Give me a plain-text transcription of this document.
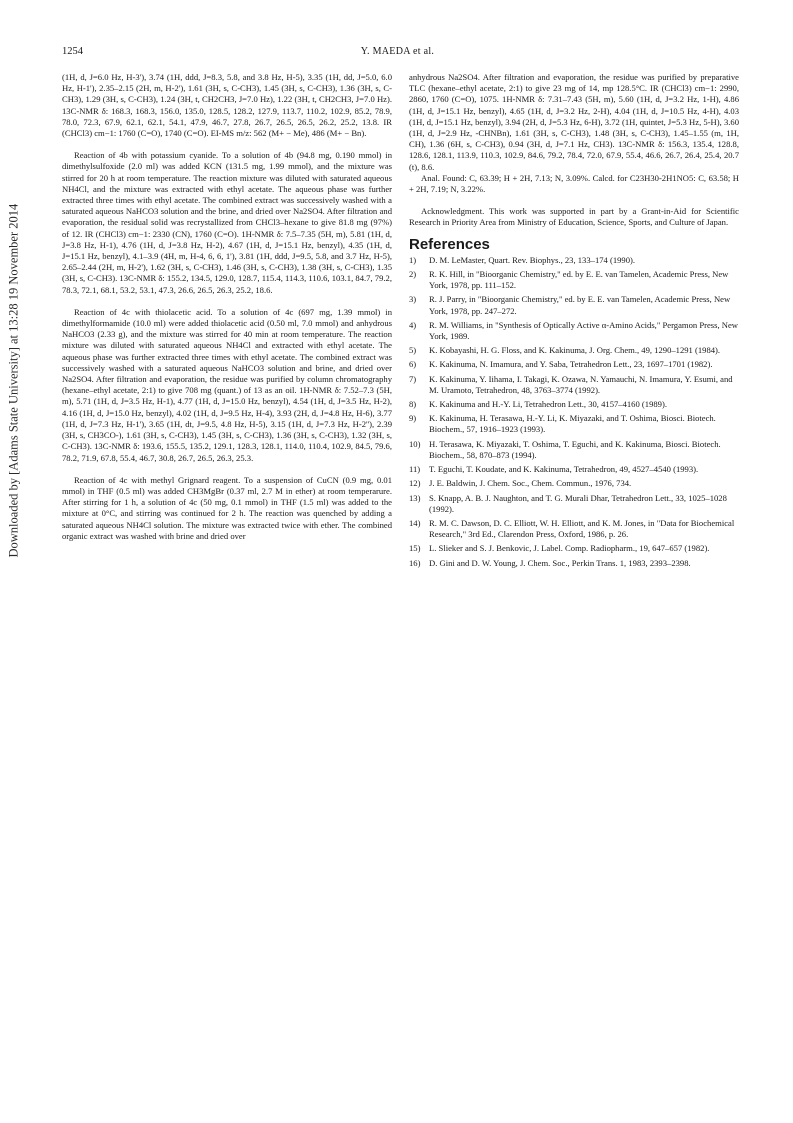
Downloaded by [Adams State University] at 13:28 19 November 2014
1254	Y. MAEDA et al.

(1H, d, J=6.0 Hz, H-3'), 3.74 (1H, ddd, J=8.3, 5.8, and 3.8 Hz, H-5), 3.35 (1H, dd, J=5.0, 6.0 Hz, H-1'), 2.35–2.15 (2H, m, H-2'), 1.61 (3H, s, C-CH3), 1.45 (3H, s, C-CH3), 1.36 (3H, s, C-CH3), 1.29 (3H, s, C-CH3), 1.24 (3H, t, CH2CH3, J=7.0 Hz), 1.22 (3H, t, CH2CH3, J=7.0 Hz). 13C-NMR δ: 168.3, 168.3, 156.0, 135.0, 128.5, 128.2, 127.9, 113.7, 110.2, 102.9, 85.2, 78.9, 78.0, 72.3, 67.9, 62.1, 62.1, 54.1, 47.9, 46.7, 27.8, 26.7, 26.5, 26.5, 26.2, 25.2, 13.8. IR (CHCl3) cm−1: 1760 (C=O), 1740 (C=O). EI-MS m/z: 562 (M+ − Me), 486 (M+ − Bn).

Reaction of 4b with potassium cyanide. To a solution of 4b (94.8 mg, 0.190 mmol) in dimethylsulfoxide (2.0 ml) was added KCN (131.5 mg, 1.99 mmol), and the mixture was stirred for 20 h at room temperature. The reaction mixture was diluted with saturated aqueous NH4Cl, and the mixture was extracted with ethyl acetate. The aqueous phase was further extracted three times with ethyl acetate. The combined extract was successively washed with a saturated aqueous NaHCO3 solution and the brine, and dried over Na2SO4. After filtration and evaporation, the residual solid was recrystallized from CHCl3–hexane to give 81.8 mg (97%) of 12. IR (CHCl3) cm−1: 2330 (CN), 1760 (C=O). 1H-NMR δ: 7.5–7.35 (5H, m), 5.81 (1H, d, J=3.8 Hz, H-1), 4.76 (1H, d, J=3.8 Hz, H-2), 4.67 (1H, d, J=15.1 Hz, benzyl), 4.35 (1H, d, J=15.1 Hz, benzyl), 4.1–3.9 (4H, m, H-4, 6, 6, 1'), 3.81 (1H, ddd, J=9.5, 5.8, and 3.7 Hz, H-5), 2.65–2.44 (2H, m, H-2'), 1.62 (3H, s, C-CH3), 1.46 (3H, s, C-CH3), 1.38 (3H, s, C-CH3), 1.35 (3H, s, C-CH3). 13C-NMR δ: 155.2, 134.5, 129.0, 128.7, 115.4, 114.3, 110.6, 103.1, 84.7, 79.2, 78.3, 72.1, 68.1, 53.2, 53.1, 47.3, 26.6, 26.5, 26.3, 25.2, 18.6.

Reaction of 4c with thiolacetic acid. To a solution of 4c (697 mg, 1.39 mmol) in dimethylformamide (10.0 ml) were added thiolacetic acid (0.50 ml, 7.0 mmol) and anhydrous NaHCO3 (2.33 g), and the mixture was stirred for 40 min at room temperature. The reaction mixture was diluted with saturated aqueous NH4Cl and extracted with ethyl acetate. The aqueous phase was further extracted three times with ethyl acetate. The combined extract was successively washed with a saturated aqueous NaHCO3 solution and brine, and dried over Na2SO4. After filtration and evaporation, the residue was purified by column chromatography (hexane–ethyl acetate, 2:1) to give 708 mg (quant.) of 13 as an oil. 1H-NMR δ: 7.52–7.3 (5H, m), 5.71 (1H, d, J=3.5 Hz, H-1), 4.77 (1H, d, J=15.0 Hz, benzyl), 4.54 (1H, d, J=3.5 Hz, H-2), 4.16 (1H, d, J=15.0 Hz, benzyl), 4.02 (1H, d, J=9.5 Hz, H-4), 3.93 (2H, d, J=4.8 Hz, H-6), 3.77 (1H, d, J=7.3 Hz, H-1'), 3.65 (1H, dt, J=9.5, 4.8 Hz, H-5), 3.15 (1H, d, J=7.3 Hz, H-2''), 2.39 (3H, s, CH3CO-), 1.61 (3H, s, C-CH3), 1.45 (3H, s, C-CH3), 1.36 (3H, s, C-CH3), 1.32 (3H, s, C-CH3). 13C-NMR δ: 193.6, 155.5, 135.2, 129.1, 128.3, 128.1, 114.0, 110.4, 102.9, 84.5, 79.6, 78.2, 71.9, 67.8, 55.4, 46.7, 30.8, 26.7, 26.5, 26.3, 25.3.

Reaction of 4c with methyl Grignard reagent. To a suspension of CuCN (0.9 mg, 0.01 mmol) in THF (0.5 ml) was added CH3MgBr (0.37 ml, 2.7 M in ether) at room temperarure. After stirring for 1 h, a solution of 4c (50 mg, 0.1 mmol) in THF (1.5 ml) was added to the mixture at 0°C, and stirring was continued for 2 h. The reaction was quenched by adding a saturated aqueous NH4Cl solution. The mixture was extracted twice with ether. The combined organic extract was washed with brine and dried over

anhydrous Na2SO4. After filtration and evaporation, the residue was purified by preparative TLC (hexane–ethyl acetate, 2:1) to give 23 mg of 14, mp 128.5°C. IR (CHCl3) cm−1: 2990, 2860, 1760 (C=O), 1075. 1H-NMR δ: 7.31–7.43 (5H, m), 5.60 (1H, d, J=3.2 Hz, 1-H), 4.86 (1H, d, J=15.1 Hz, benzyl), 4.65 (1H, d, J=3.2 Hz, 2-H), 4.04 (1H, d, J=10.5 Hz, 4-H), 4.03 (1H, d, J=15.1 Hz, benzyl), 3.94 (2H, d, J=5.3 Hz, 6-H), 3.72 (1H, quintet, J=5.3 Hz, 5-H), 3.60 (1H, d, J=2.9 Hz, -CHNBn), 1.61 (3H, s, C-CH3), 1.48 (3H, s, C-CH3), 1.45–1.55 (m, 1H, CH), 1.36 (6H, s, C-CH3), 0.94 (3H, d, J=7.1 Hz, CH3). 13C-NMR δ: 156.3, 135.4, 128.8, 128.6, 128.1, 113.9, 110.3, 102.9, 84.6, 79.2, 78.4, 72.0, 67.9, 55.4, 46.6, 26.7, 26.4, 25.4, 20.7 (t), 8.6.

Anal. Found: C, 63.39; H + 2H, 7.13; N, 3.09%. Calcd. for C23H30-2H1NO5: C, 63.58; H + 2H, 7.19; N, 3.22%.

Acknowledgment. This work was supported in part by a Grant-in-Aid for Scientific Research in Priority Area from Ministry of Education, Science, Sports, and Culture of Japan.

References
1)	D. M. LeMaster, Quart. Rev. Biophys., 23, 133–174 (1990).
2)	R. K. Hill, in "Bioorganic Chemistry," ed. by E. E. van Tamelen, Academic Press, New York, 1978, pp. 111–152.
3)	R. J. Parry, in "Bioorganic Chemistry," ed. by E. E. van Tamelen, Academic Press, New York, 1978, pp. 247–272.
4)	R. M. Williams, in "Synthesis of Optically Active α-Amino Acids," Pergamon Press, New York, 1989.
5)	K. Kobayashi, H. G. Floss, and K. Kakinuma, J. Org. Chem., 49, 1290–1291 (1984).
6)	K. Kakinuma, N. Imamura, and Y. Saba, Tetrahedron Lett., 23, 1697–1701 (1982).
7)	K. Kakinuma, Y. Iihama, I. Takagi, K. Ozawa, N. Yamauchi, N. Imamura, Y. Esumi, and M. Uramoto, Tetrahedron, 48, 3763–3774 (1992).
8)	K. Kakinuma and H.-Y. Li, Tetrahedron Lett., 30, 4157–4160 (1989).
9)	K. Kakinuma, H. Terasawa, H.-Y. Li, K. Miyazaki, and T. Oshima, Biosci. Biotech. Biochem., 57, 1916–1923 (1993).
10) H. Terasawa, K. Miyazaki, T. Oshima, T. Eguchi, and K. Kakinuma, Biosci. Biotech. Biochem., 58, 870–873 (1994).
11)	T. Eguchi, T. Koudate, and K. Kakinuma, Tetrahedron, 49, 4527–4540 (1993).
12) J. E. Baldwin, J. Chem. Soc., Chem. Commun., 1976, 734.
13) S. Knapp, A. B. J. Naughton, and T. G. Murali Dhar, Tetrahedron Lett., 33, 1025–1028 (1992).
14) R. M. C. Dawson, D. C. Elliott, W. H. Elliott, and K. M. Jones, in "Data for Biochemical Research," 3rd Ed., Clarendon Press, Oxford, 1986, p. 26.
15) L. Slieker and S. J. Benkovic, J. Label. Comp. Radiopharm., 19, 647–657 (1982).
16) D. Gini and D. W. Young, J. Chem. Soc., Perkin Trans. 1, 1983, 2393–2398.
